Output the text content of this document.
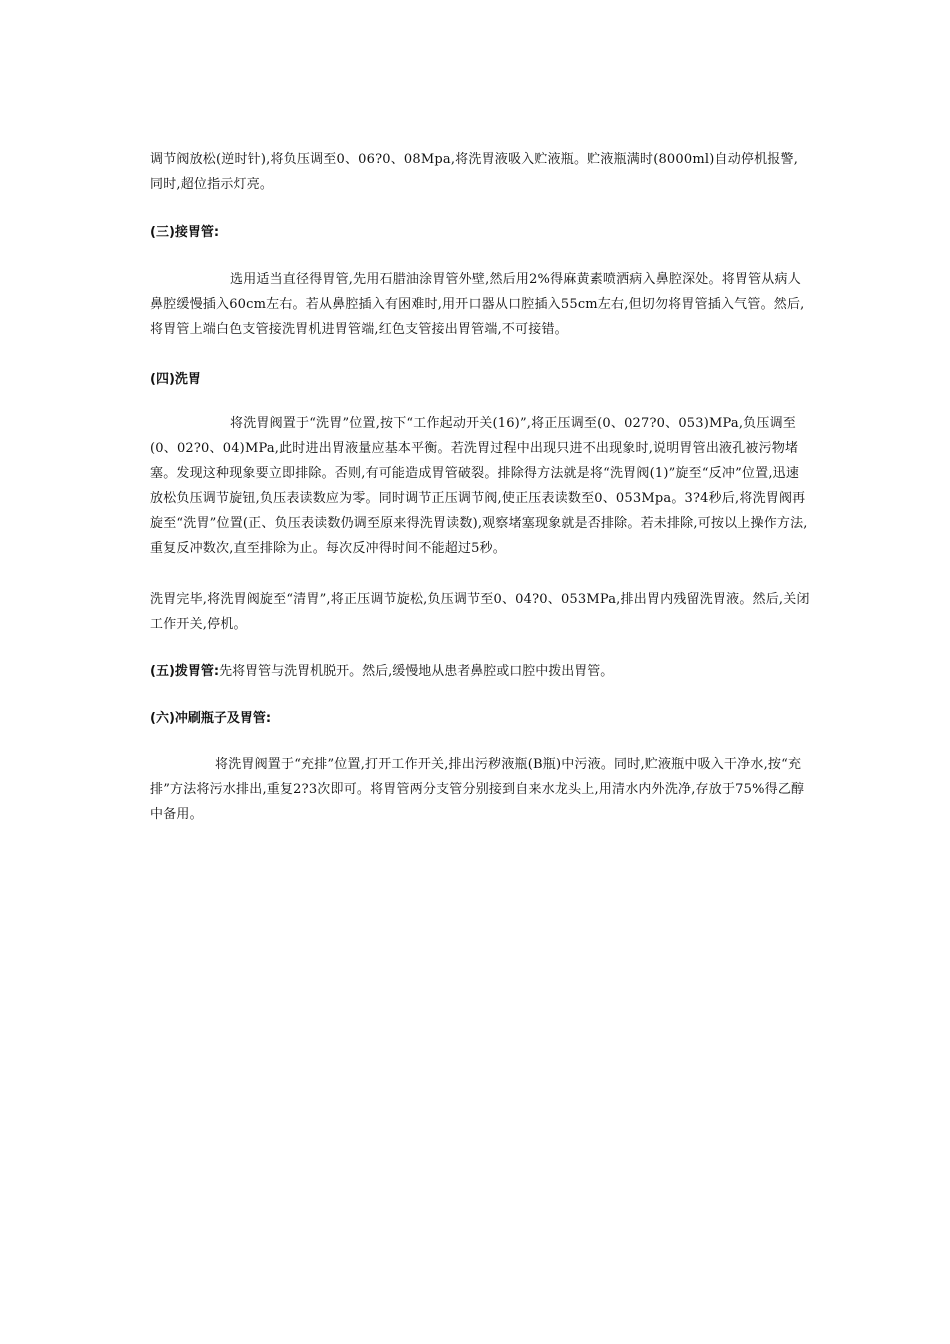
调节阀放松(逆时针),将负压调至0、06?0、08Mpa,将洗胃液吸入贮液瓶。贮液瓶满时(8000ml)自动停机报警,同时,超位指示灯亮。

(三)接胃管:

选用适当直径得胃管,先用石腊油涂胃管外壁,然后用2%得麻黄素喷洒病入鼻腔深处。将胃管从病人鼻腔缓慢插入60cm左右。若从鼻腔插入有困难时,用开口器从口腔插入55cm左右,但切勿将胃管插入气管。然后,将胃管上端白色支管接洗胃机进胃管端,红色支管接出胃管端,不可接错。

(四)洗胃

将洗胃阀置于“洗胃”位置,按下“工作起动开关(16)”,将正压调至(0、027?0、053)MPa,负压调至(0、02?0、04)MPa,此时进出胃液量应基本平衡。若洗胃过程中出现只进不出现象时,说明胃管出液孔被污物堵塞。发现这种现象要立即排除。否则,有可能造成胃管破裂。排除得方法就是将“洗胃阀(1)”旋至“反冲”位置,迅速放松负压调节旋钮,负压表读数应为零。同时调节正压调节阀,使正压表读数至0、053Mpa。3?4秒后,将洗胃阀再旋至“洗胃”位置(正、负压表读数仍调至原来得洗胃读数),观察堵塞现象就是否排除。若未排除,可按以上操作方法,重复反冲数次,直至排除为止。每次反冲得时间不能超过5秒。

洗胃完毕,将洗胃阀旋至“清胃”,将正压调节旋松,负压调节至0、04?0、053MPa,排出胃内残留洗胃液。然后,关闭工作开关,停机。

(五)拨胃管:先将胃管与洗胃机脱开。然后,缓慢地从患者鼻腔或口腔中拨出胃管。

(六)冲刷瓶子及胃管:

将洗胃阀置于“充排”位置,打开工作开关,排出污秽液瓶(B瓶)中污液。同时,贮液瓶中吸入干净水,按“充排”方法将污水排出,重复2?3次即可。将胃管两分支管分别接到自来水龙头上,用清水内外洗净,存放于75%得乙醇中备用。
